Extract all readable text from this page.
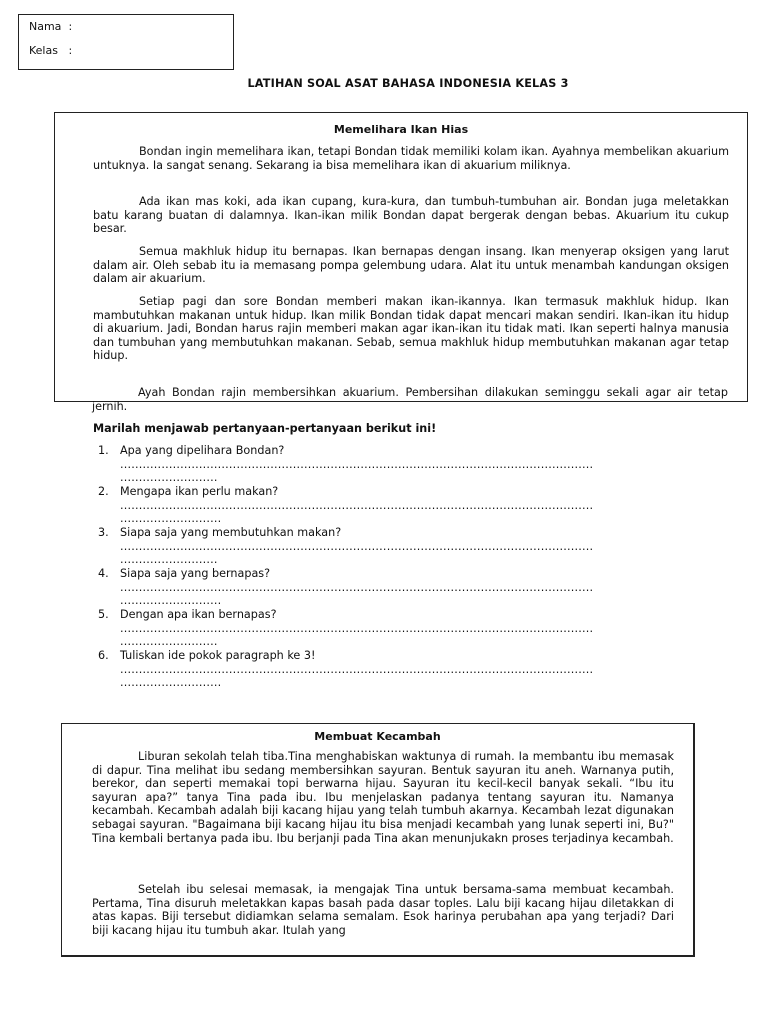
Nama :
Kelas :
LATIHAN SOAL ASAT BAHASA INDONESIA KELAS 3
Memelihara Ikan Hias

Bondan ingin memelihara ikan, tetapi Bondan tidak memiliki kolam ikan. Ayahnya membelikan akuarium untuknya. Ia sangat senang. Sekarang ia bisa memelihara ikan di akuarium miliknya.

Ada ikan mas koki, ada ikan cupang, kura-kura, dan tumbuh-tumbuhan air. Bondan juga meletakkan batu karang buatan di dalamnya. Ikan-ikan milik Bondan dapat bergerak dengan bebas. Akuarium itu cukup besar.

Semua makhluk hidup itu bernapas. Ikan bernapas dengan insang. Ikan menyerap oksigen yang larut dalam air. Oleh sebab itu ia memasang pompa gelembung udara. Alat itu untuk menambah kandungan oksigen dalam air akuarium.

Setiap pagi dan sore Bondan memberi makan ikan-ikannya. Ikan termasuk makhluk hidup. Ikan mambutuhkan makanan untuk hidup. Ikan milik Bondan tidak dapat mencari makan sendiri. Ikan-ikan itu hidup di akuarium. Jadi, Bondan harus rajin memberi makan agar ikan-ikan itu tidak mati. Ikan seperti halnya manusia dan tumbuhan yang membutuhkan makanan. Sebab, semua makhluk hidup membutuhkan makanan agar tetap hidup.

Ayah Bondan rajin membersihkan akuarium. Pembersihan dilakukan seminggu sekali agar air tetap jernih.

Marilah menjawab pertanyaan-pertanyaan berikut ini!
1. Apa yang dipelihara Bondan?
..............................................................................................................................
..........................
2. Mengapa ikan perlu makan?
..............................................................................................................................
...........................
3. Siapa saja yang membutuhkan makan?
..............................................................................................................................
..........................
4. Siapa saja yang bernapas?
..............................................................................................................................
...........................
5. Dengan apa ikan bernapas?
..............................................................................................................................
..........................
6. Tuliskan ide pokok paragraph ke 3!
..............................................................................................................................
...........................
Membuat Kecambah

Liburan sekolah telah tiba.Tina menghabiskan waktunya di rumah. Ia membantu ibu memasak di dapur. Tina melihat ibu sedang membersihkan sayuran. Bentuk sayuran itu aneh. Warnanya putih, berekor, dan seperti memakai topi berwarna hijau. Sayuran itu kecil-kecil banyak sekali. “Ibu itu sayuran apa?” tanya Tina pada ibu. Ibu menjelaskan padanya tentang sayuran itu. Namanya kecambah. Kecambah adalah biji kacang hijau yang telah tumbuh akarnya. Kecambah lezat digunakan sebagai sayuran. "Bagaimana biji kacang hijau itu bisa menjadi kecambah yang lunak seperti ini, Bu?" Tina kembali bertanya pada ibu. Ibu berjanji pada Tina akan menunjukakn proses terjadinya kecambah.

Setelah ibu selesai memasak, ia mengajak Tina untuk bersama-sama membuat kecambah. Pertama, Tina disuruh meletakkan kapas basah pada dasar toples. Lalu biji kacang hijau diletakkan di atas kapas. Biji tersebut didiamkan selama semalam. Esok harinya perubahan apa yang terjadi? Dari biji kacang hijau itu tumbuh akar. Itulah yang
